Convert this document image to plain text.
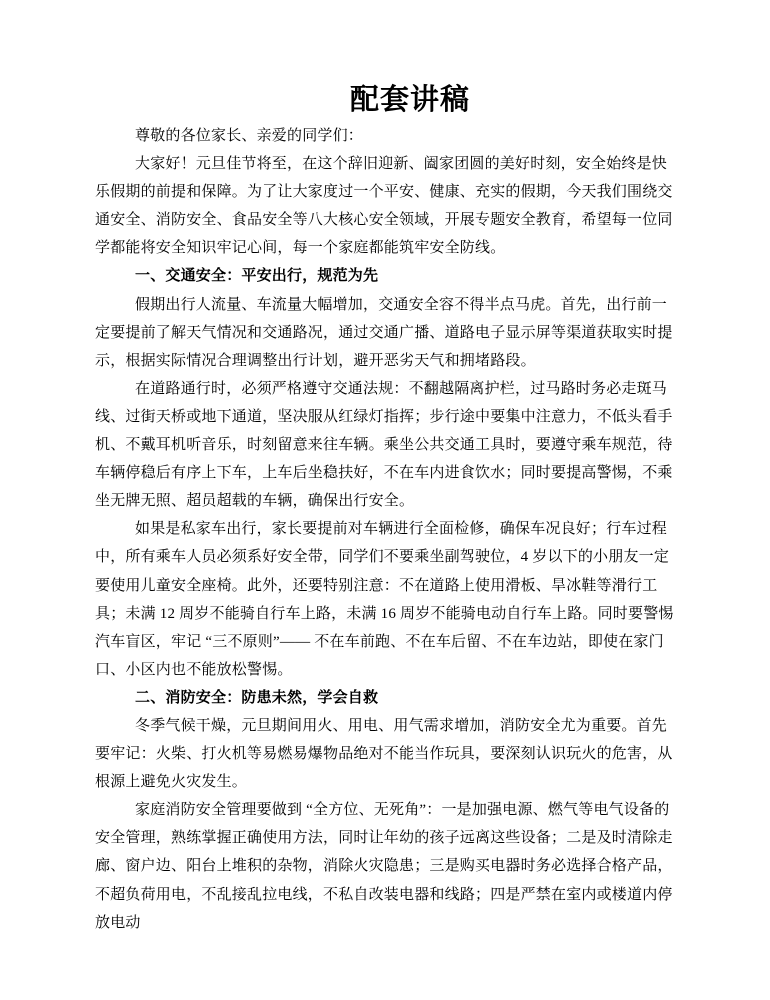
配套讲稿

尊敬的各位家长、亲爱的同学们：

大家好！元旦佳节将至，在这个辞旧迎新、阖家团圆的美好时刻，安全始终是快乐假期的前提和保障。为了让大家度过一个平安、健康、充实的假期，今天我们围绕交通安全、消防安全、食品安全等八大核心安全领域，开展专题安全教育，希望每一位同学都能将安全知识牢记心间，每一个家庭都能筑牢安全防线。

一、交通安全：平安出行，规范为先

假期出行人流量、车流量大幅增加，交通安全容不得半点马虎。首先，出行前一定要提前了解天气情况和交通路况，通过交通广播、道路电子显示屏等渠道获取实时提示，根据实际情况合理调整出行计划，避开恶劣天气和拥堵路段。

在道路通行时，必须严格遵守交通法规：不翻越隔离护栏，过马路时务必走斑马线、过街天桥或地下通道，坚决服从红绿灯指挥；步行途中要集中注意力，不低头看手机、不戴耳机听音乐，时刻留意来往车辆。乘坐公共交通工具时，要遵守乘车规范，待车辆停稳后有序上下车，上车后坐稳扶好，不在车内进食饮水；同时要提高警惕，不乘坐无牌无照、超员超载的车辆，确保出行安全。

如果是私家车出行，家长要提前对车辆进行全面检修，确保车况良好；行车过程中，所有乘车人员必须系好安全带，同学们不要乘坐副驾驶位，4 岁以下的小朋友一定要使用儿童安全座椅。此外，还要特别注意：不在道路上使用滑板、旱冰鞋等滑行工具；未满 12 周岁不能骑自行车上路，未满 16 周岁不能骑电动自行车上路。同时要警惕汽车盲区，牢记 “三不原则”—— 不在车前跑、不在车后留、不在车边站，即使在家门口、小区内也不能放松警惕。

二、消防安全：防患未然，学会自救

冬季气候干燥，元旦期间用火、用电、用气需求增加，消防安全尤为重要。首先要牢记：火柴、打火机等易燃易爆物品绝对不能当作玩具，要深刻认识玩火的危害，从根源上避免火灾发生。

家庭消防安全管理要做到 “全方位、无死角”：一是加强电源、燃气等电气设备的安全管理，熟练掌握正确使用方法，同时让年幼的孩子远离这些设备；二是及时清除走廊、窗户边、阳台上堆积的杂物，消除火灾隐患；三是购买电器时务必选择合格产品，不超负荷用电，不乱接乱拉电线，不私自改装电器和线路；四是严禁在室内或楼道内停放电动
